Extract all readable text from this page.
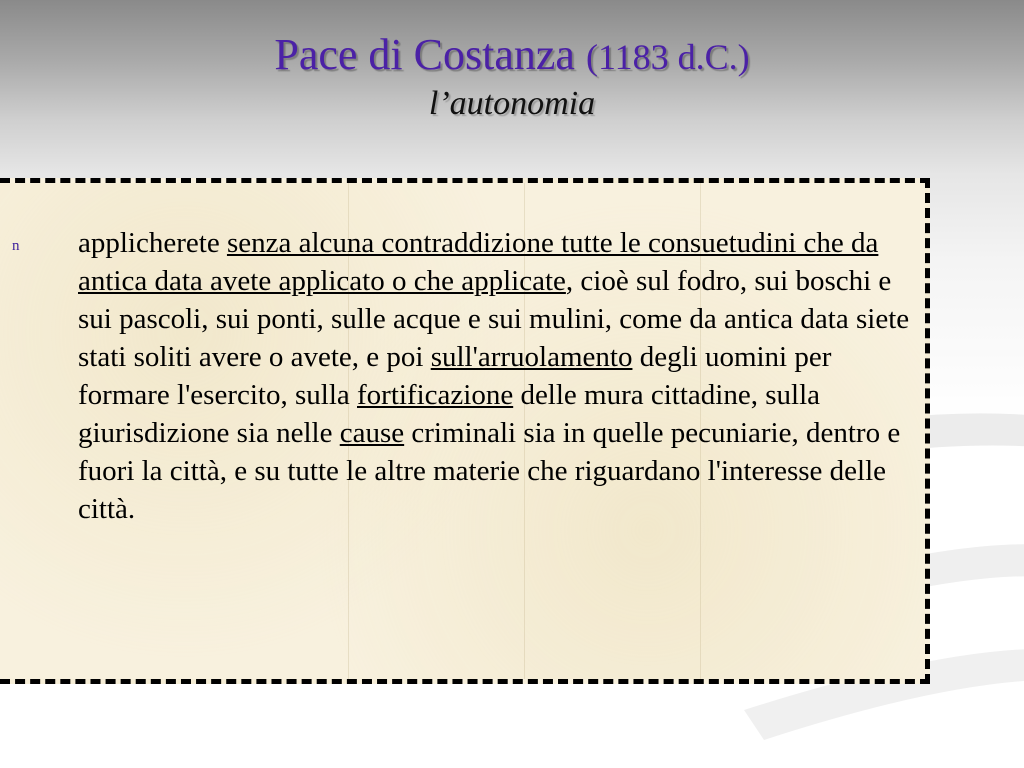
Pace di Costanza (1183 d.C.)
l’autonomia
n applicherete senza alcuna contraddizione tutte le consuetudini che da antica data avete applicato o che applicate, cioè sul fodro, sui boschi e sui pascoli, sui ponti, sulle acque e sui mulini, come da antica data siete stati soliti avere o avete, e poi sull'arruolamento degli uomini per formare l'esercito, sulla fortificazione delle mura cittadine, sulla giurisdizione sia nelle cause criminali sia in quelle pecuniarie, dentro e fuori la città, e su tutte le altre materie che riguardano l'interesse delle città.
